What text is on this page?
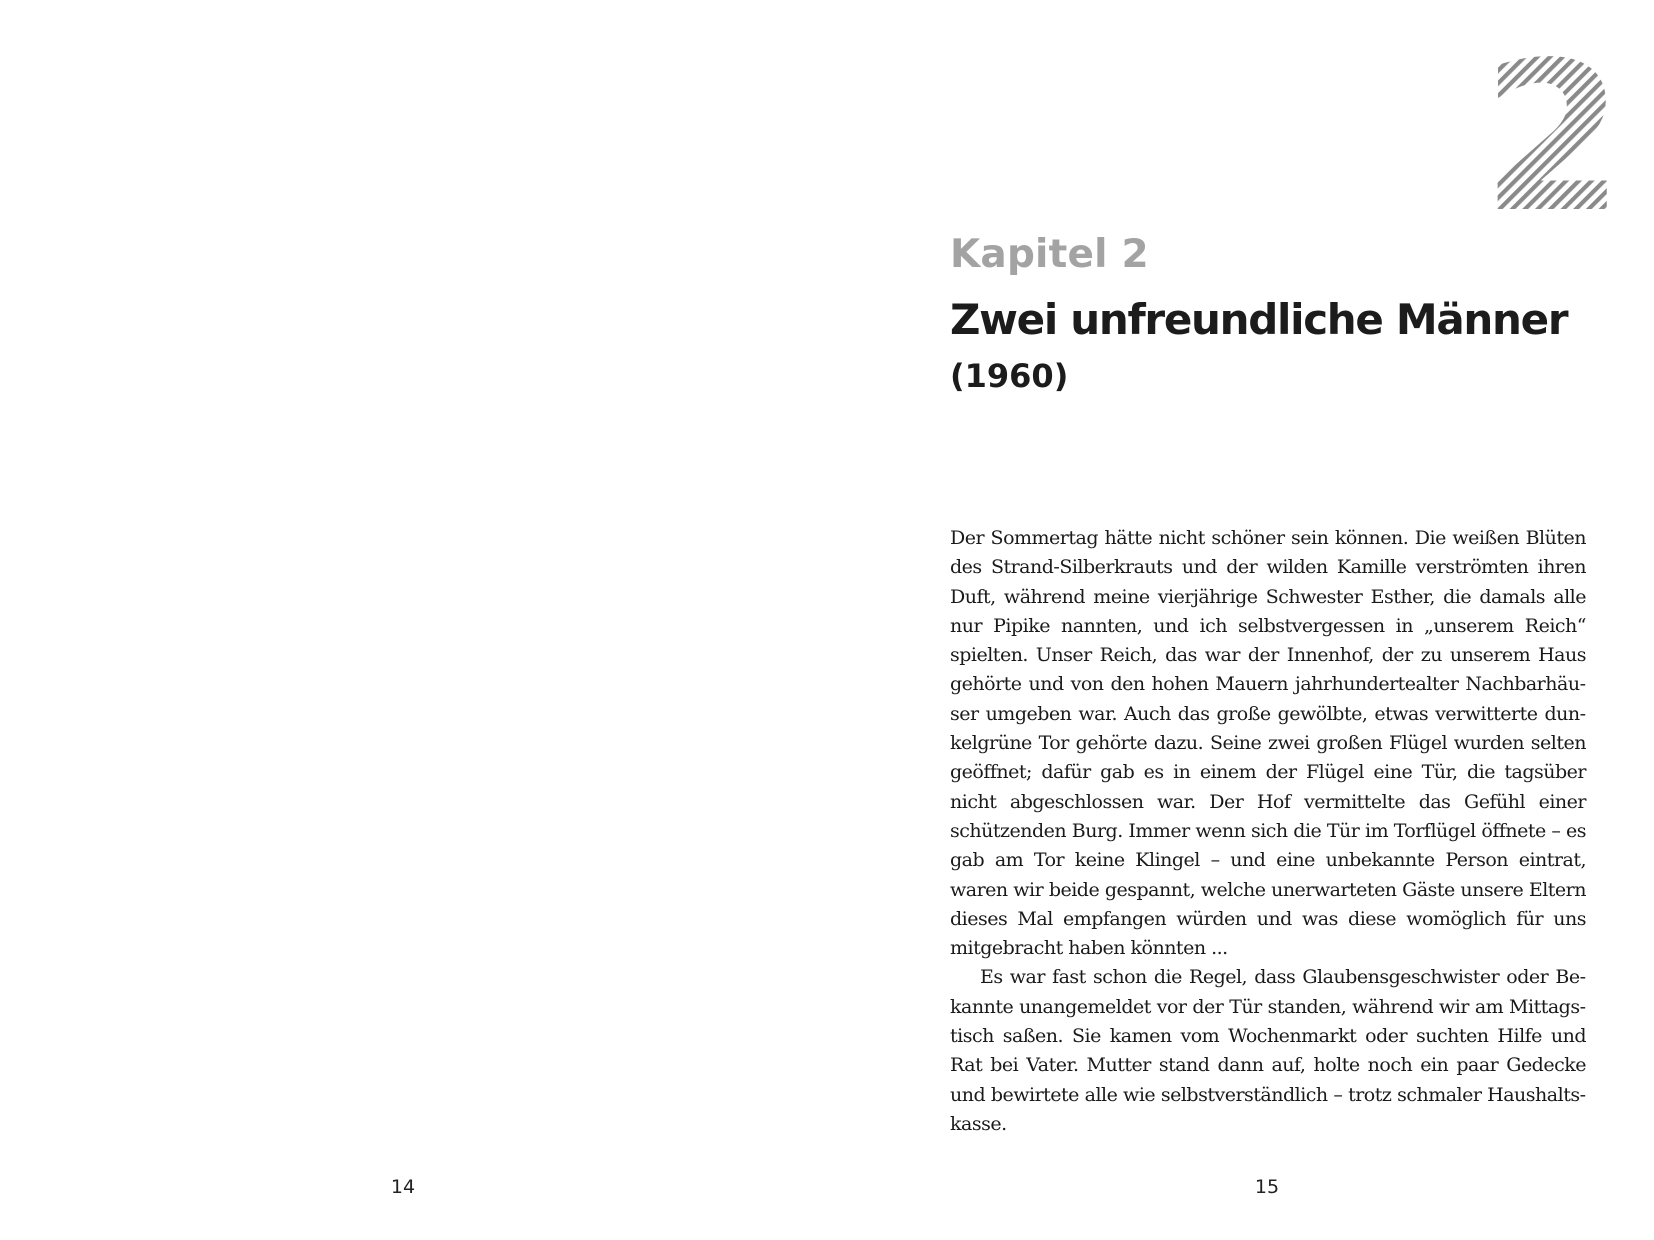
14
2
Kapitel 2
Zwei unfreundliche Männer
(1960)

Der Sommertag hätte nicht schöner sein können. Die weißen Blüten des Strand-Silberkrauts und der wilden Kamille verströmten ihren Duft, während meine vierjährige Schwester Esther, die damals alle nur Pipike nannten, und ich selbstvergessen in „unserem Reich“ spielten. Unser Reich, das war der Innenhof, der zu unserem Haus gehörte und von den hohen Mauern jahrhundertealter Nachbarhäuser umgeben war. Auch das große gewölbte, etwas verwitterte dunkelgrüne Tor gehörte dazu. Seine zwei großen Flügel wurden selten geöffnet; dafür gab es in einem der Flügel eine Tür, die tagsüber nicht abgeschlossen war. Der Hof vermittelte das Gefühl einer schützenden Burg. Immer wenn sich die Tür im Torflügel öffnete – es gab am Tor keine Klingel – und eine unbekannte Person eintrat, waren wir beide gespannt, welche unerwarteten Gäste unsere Eltern dieses Mal empfangen würden und was diese womöglich für uns mitgebracht haben könnten ...

Es war fast schon die Regel, dass Glaubensgeschwister oder Bekannte unangemeldet vor der Tür standen, während wir am Mittagstisch saßen. Sie kamen vom Wochenmarkt oder suchten Hilfe und Rat bei Vater. Mutter stand dann auf, holte noch ein paar Gedecke und bewirtete alle wie selbstverständlich – trotz schmaler Haushaltskasse.

15
